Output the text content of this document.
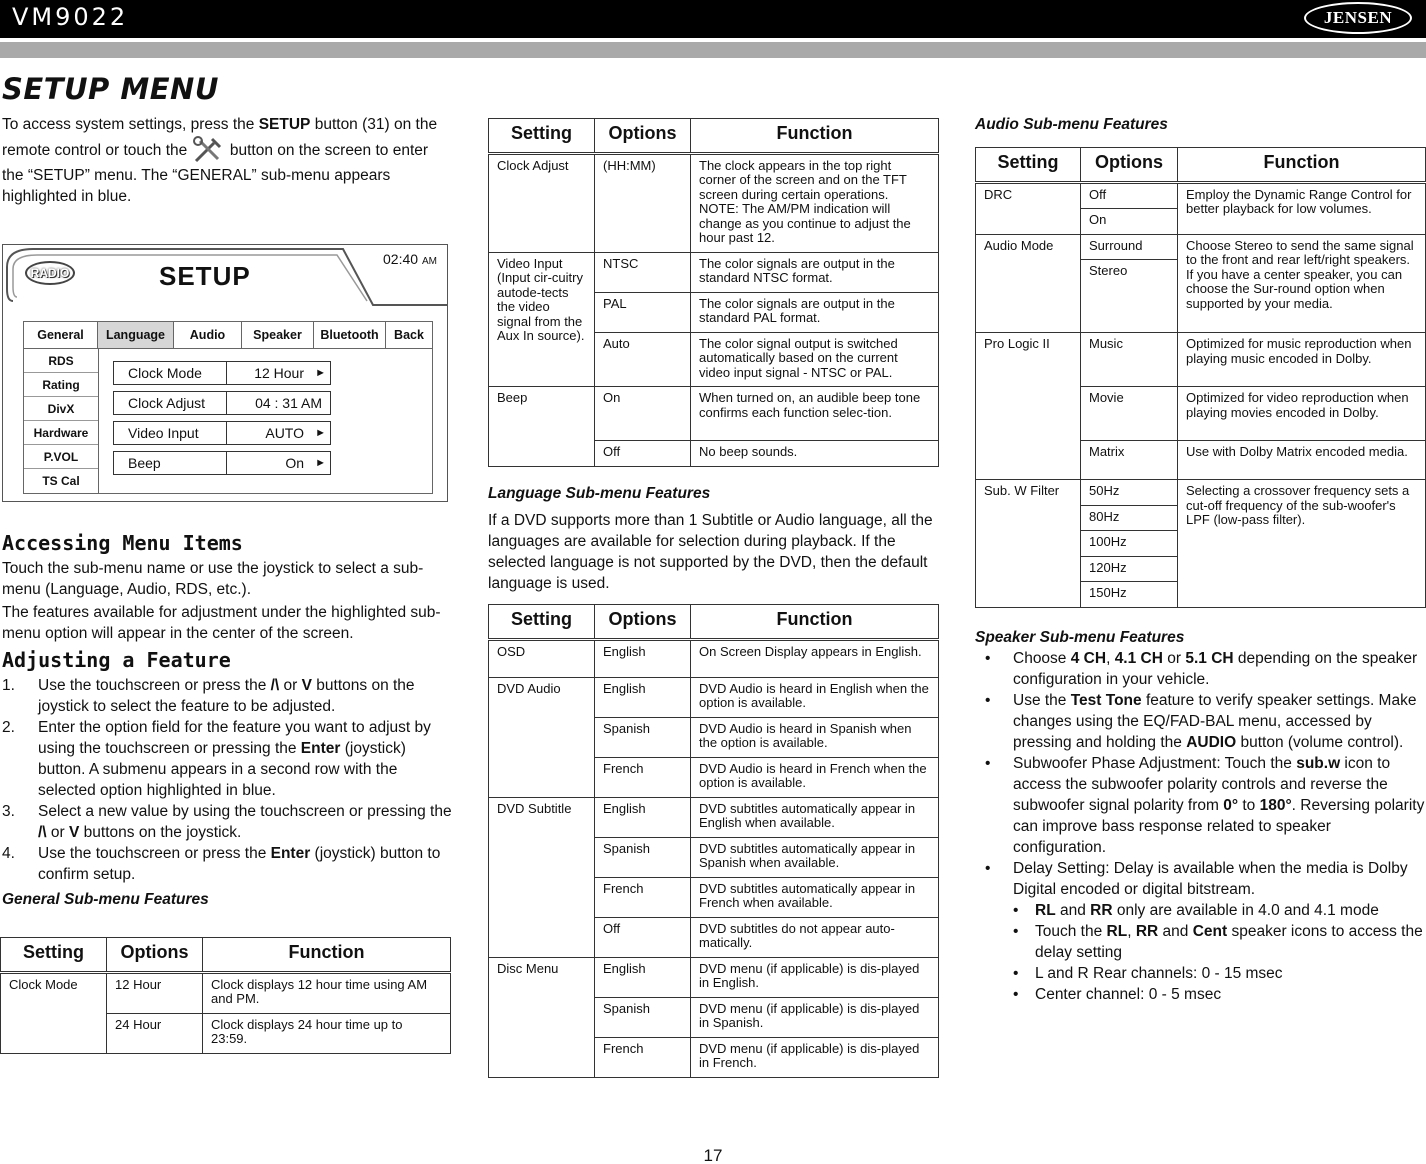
VM9022	JENSEN
SETUP MENU

To access system settings, press the SETUP button (31) on the remote control or touch the  button on the screen to enter the “SETUP” menu. The “GENERAL” sub-menu appears highlighted in blue.

RADIO	SETUP
02:40 AM
General	Language	Audio	Speaker	Bluetooth	Back
RDS
Rating
DivX
Hardware
P.VOL
TS Cal
Clock Mode	12 Hour ►
Clock Adjust	04 : 31 AM
Video Input	AUTO ►
Beep	On ►
Accessing Menu Items

Touch the sub-menu name or use the joystick to select a sub-menu (Language, Audio, RDS, etc.).

The features available for adjustment under the highlighted sub-menu option will appear in the center of the screen.

Adjusting a Feature
1. Use the touchscreen or press the /\ or V buttons on the joystick to select the feature to be adjusted.
2. Enter the option field for the feature you want to adjust by using the touchscreen or pressing the Enter (joystick) button. A submenu appears in a second row with the selected option highlighted in blue.
3. Select a new value by using the touchscreen or pressing the /\ or V buttons on the joystick.
4. Use the touchscreen or press the Enter (joystick) button to confirm setup.
General Sub-menu Features
Setting	Options	Function
Clock Mode	12 Hour	Clock displays 12 hour time using AM and PM.
	24 Hour	Clock displays 24 hour time up to 23:59.
Setting	Options	Function
Clock Adjust	(HH:MM)	The clock appears in the top right corner of the screen and on the TFT screen during certain operations. NOTE: The AM/PM indication will change as you continue to adjust the hour past 12.
Video Input (Input cir-cuitry autode-tects the video signal from the Aux In source).	NTSC	The color signals are output in the standard NTSC format.
	PAL	The color signals are output in the standard PAL format.
	Auto	The color signal output is switched automatically based on the current video input signal - NTSC or PAL.
Beep	On	When turned on, an audible beep tone confirms each function selec-tion.
	Off	No beep sounds.
Language Sub-menu Features

If a DVD supports more than 1 Subtitle or Audio language, all the languages are available for selection during playback. If the selected language is not supported by the DVD, then the default language is used.

Setting	Options	Function
OSD	English	On Screen Display appears in English.
DVD Audio	English	DVD Audio is heard in English when the option is available.
	Spanish	DVD Audio is heard in Spanish when the option is available.
	French	DVD Audio is heard in French when the option is available.
DVD Subtitle	English	DVD subtitles automatically appear in English when available.
	Spanish	DVD subtitles automatically appear in Spanish when available.
	French	DVD subtitles automatically appear in French when available.
	Off	DVD subtitles do not appear auto-matically.
Disc Menu	English	DVD menu (if applicable) is dis-played in English.
	Spanish	DVD menu (if applicable) is dis-played in Spanish.
	French	DVD menu (if applicable) is dis-played in French.
Audio Sub-menu Features
Setting	Options	Function
DRC	Off	Employ the Dynamic Range Control for better playback for low volumes.
	On	
Audio Mode	Surround	Choose Stereo to send the same signal to the front and rear left/right speakers. If you have a center speaker, you can choose the Sur-round option when supported by your media.
	Stereo	
Pro Logic II	Music	Optimized for music reproduction when playing music encoded in Dolby.
	Movie	Optimized for video reproduction when playing movies encoded in Dolby.
	Matrix	Use with Dolby Matrix encoded media.
Sub. W Filter	50Hz	Selecting a crossover frequency sets a cut-off frequency of the sub-woofer's LPF (low-pass filter).
	80Hz	
	100Hz	
	120Hz	
	150Hz	
Speaker Sub-menu Features
• Choose 4 CH, 4.1 CH or 5.1 CH depending on the speaker configuration in your vehicle.
• Use the Test Tone feature to verify speaker settings. Make changes using the EQ/FAD-BAL menu, accessed by pressing and holding the AUDIO button (volume control).
• Subwoofer Phase Adjustment: Touch the sub.w icon to access the subwoofer polarity controls and reverse the subwoofer signal polarity from 0° to 180°. Reversing polarity can improve bass response related to speaker configuration.
• Delay Setting: Delay is available when the media is Dolby Digital encoded or digital bitstream.
• RL and RR only are available in 4.0 and 4.1 mode
• Touch the RL, RR and Cent speaker icons to access the delay setting
• L and R Rear channels: 0 - 15 msec
• Center channel: 0 - 5 msec
17
